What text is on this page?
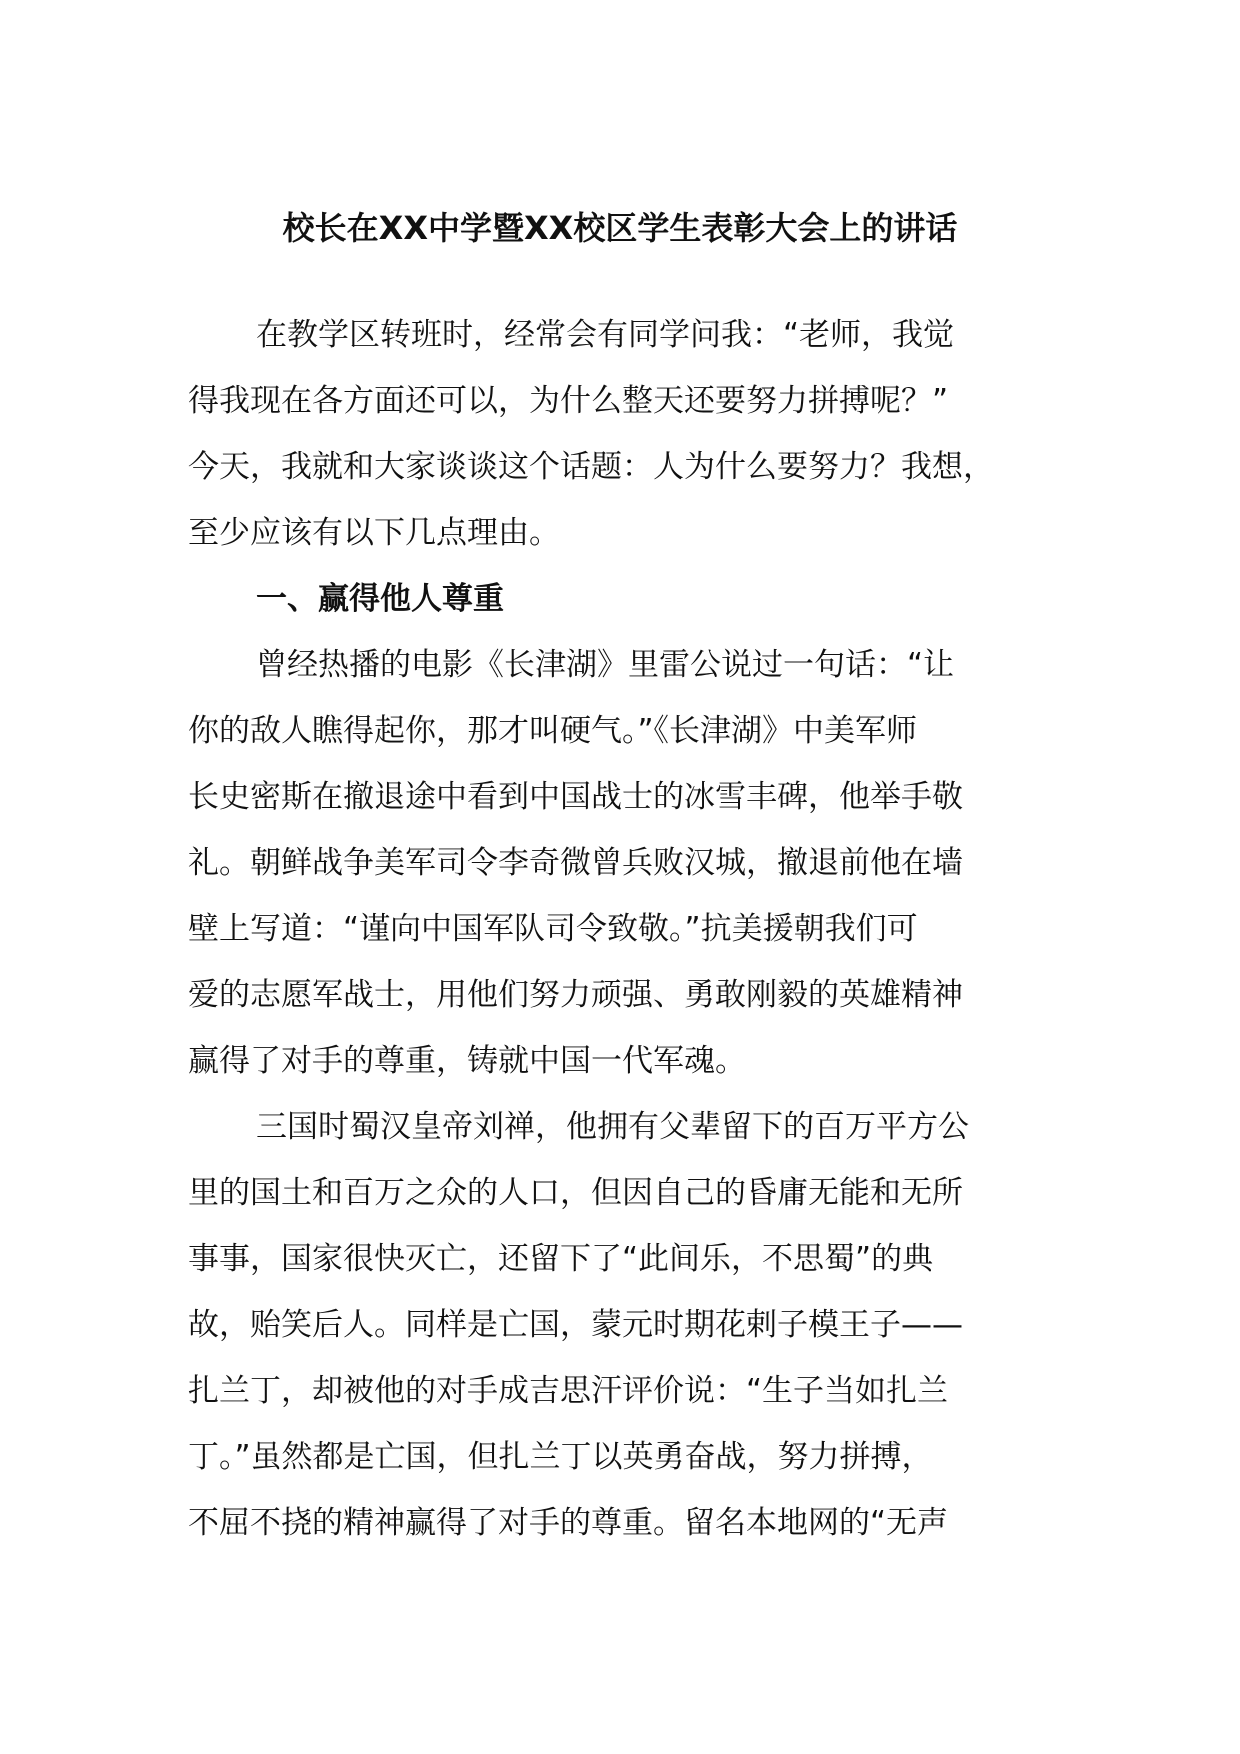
校长在XX中学暨XX校区学生表彰大会上的讲话
在教学区转班时，经常会有同学问我：“老师，我觉
得我现在各方面还可以，为什么整天还要努力拼搏呢？”
今天，我就和大家谈谈这个话题：人为什么要努力？我想，
至少应该有以下几点理由。
一、赢得他人尊重
曾经热播的电影《长津湖》里雷公说过一句话：“让
你的敌人瞧得起你，那才叫硬气。”《长津湖》中美军师
长史密斯在撤退途中看到中国战士的冰雪丰碑，他举手敬
礼。朝鲜战争美军司令李奇微曾兵败汉城，撤退前他在墙
壁上写道：“谨向中国军队司令致敬。”抗美援朝我们可
爱的志愿军战士，用他们努力顽强、勇敢刚毅的英雄精神
赢得了对手的尊重，铸就中国一代军魂。
三国时蜀汉皇帝刘禅，他拥有父辈留下的百万平方公
里的国土和百万之众的人口，但因自己的昏庸无能和无所
事事，国家很快灭亡，还留下了“此间乐，不思蜀”的典
故，贻笑后人。同样是亡国，蒙元时期花剌子模王子——
扎兰丁，却被他的对手成吉思汗评价说：“生子当如扎兰
丁。”虽然都是亡国，但扎兰丁以英勇奋战，努力拼搏，
不屈不挠的精神赢得了对手的尊重。留名本地网的“无声
